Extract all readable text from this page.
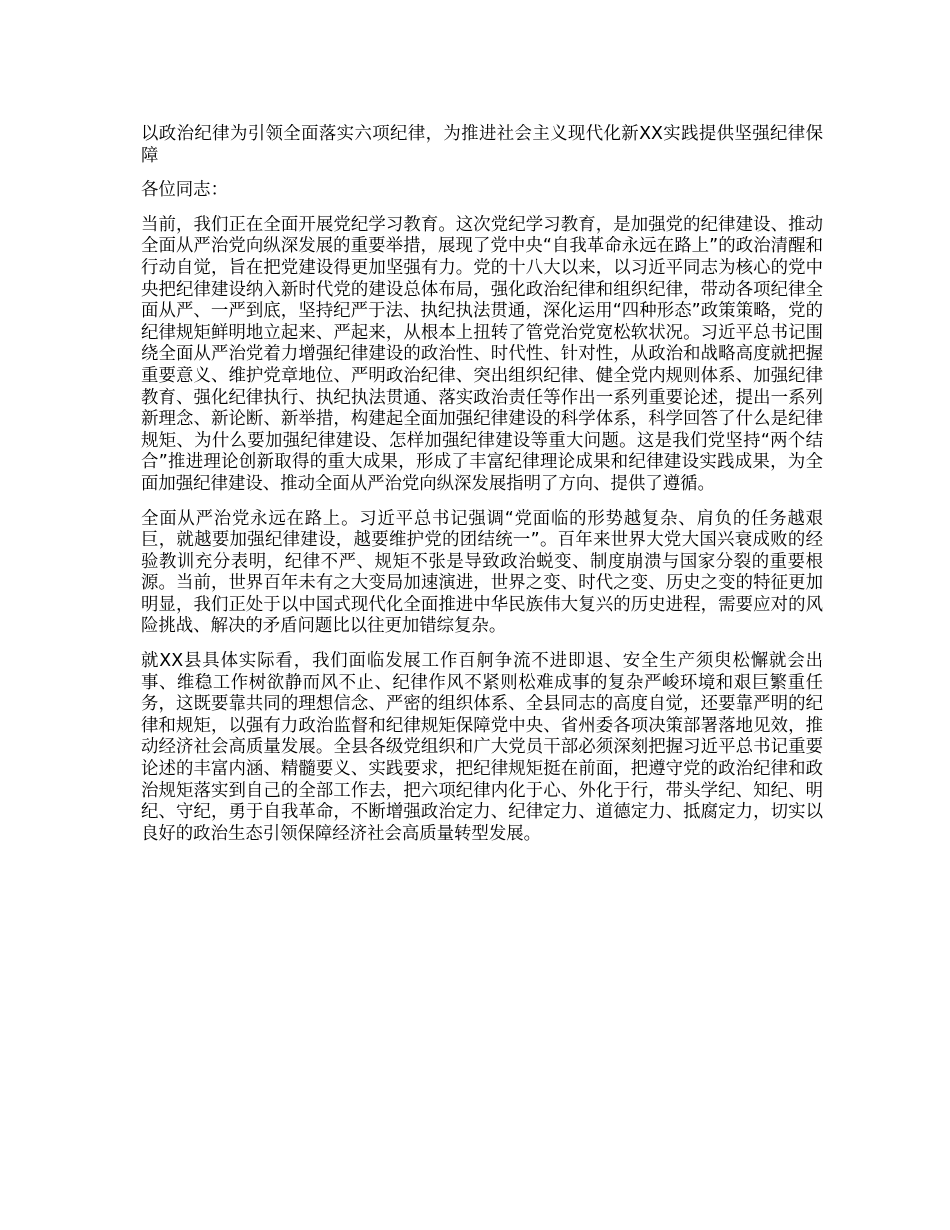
以政治纪律为引领全面落实六项纪律，为推进社会主义现代化新XX实践提供坚强纪律保障

各位同志：

当前，我们正在全面开展党纪学习教育。这次党纪学习教育，是加强党的纪律建设、推动全面从严治党向纵深发展的重要举措，展现了党中央“自我革命永远在路上”的政治清醒和行动自觉，旨在把党建设得更加坚强有力。党的十八大以来，以习近平同志为核心的党中央把纪律建设纳入新时代党的建设总体布局，强化政治纪律和组织纪律，带动各项纪律全面从严、一严到底，坚持纪严于法、执纪执法贯通，深化运用“四种形态”政策策略，党的纪律规矩鲜明地立起来、严起来，从根本上扭转了管党治党宽松软状况。习近平总书记围绕全面从严治党着力增强纪律建设的政治性、时代性、针对性，从政治和战略高度就把握重要意义、维护党章地位、严明政治纪律、突出组织纪律、健全党内规则体系、加强纪律教育、强化纪律执行、执纪执法贯通、落实政治责任等作出一系列重要论述，提出一系列新理念、新论断、新举措，构建起全面加强纪律建设的科学体系，科学回答了什么是纪律规矩、为什么要加强纪律建设、怎样加强纪律建设等重大问题。这是我们党坚持“两个结合”推进理论创新取得的重大成果，形成了丰富纪律理论成果和纪律建设实践成果，为全面加强纪律建设、推动全面从严治党向纵深发展指明了方向、提供了遵循。

全面从严治党永远在路上。习近平总书记强调“党面临的形势越复杂、肩负的任务越艰巨，就越要加强纪律建设，越要维护党的团结统一”。百年来世界大党大国兴衰成败的经验教训充分表明，纪律不严、规矩不张是导致政治蜕变、制度崩溃与国家分裂的重要根源。当前，世界百年未有之大变局加速演进，世界之变、时代之变、历史之变的特征更加明显，我们正处于以中国式现代化全面推进中华民族伟大复兴的历史进程，需要应对的风险挑战、解决的矛盾问题比以往更加错综复杂。

就XX县具体实际看，我们面临发展工作百舸争流不进即退、安全生产须臾松懈就会出事、维稳工作树欲静而风不止、纪律作风不紧则松难成事的复杂严峻环境和艰巨繁重任务，这既要靠共同的理想信念、严密的组织体系、全县同志的高度自觉，还要靠严明的纪律和规矩，以强有力政治监督和纪律规矩保障党中央、省州委各项决策部署落地见效，推动经济社会高质量发展。全县各级党组织和广大党员干部必须深刻把握习近平总书记重要论述的丰富内涵、精髓要义、实践要求，把纪律规矩挺在前面，把遵守党的政治纪律和政治规矩落实到自己的全部工作去，把六项纪律内化于心、外化于行，带头学纪、知纪、明纪、守纪，勇于自我革命，不断增强政治定力、纪律定力、道德定力、抵腐定力，切实以良好的政治生态引领保障经济社会高质量转型发展。
